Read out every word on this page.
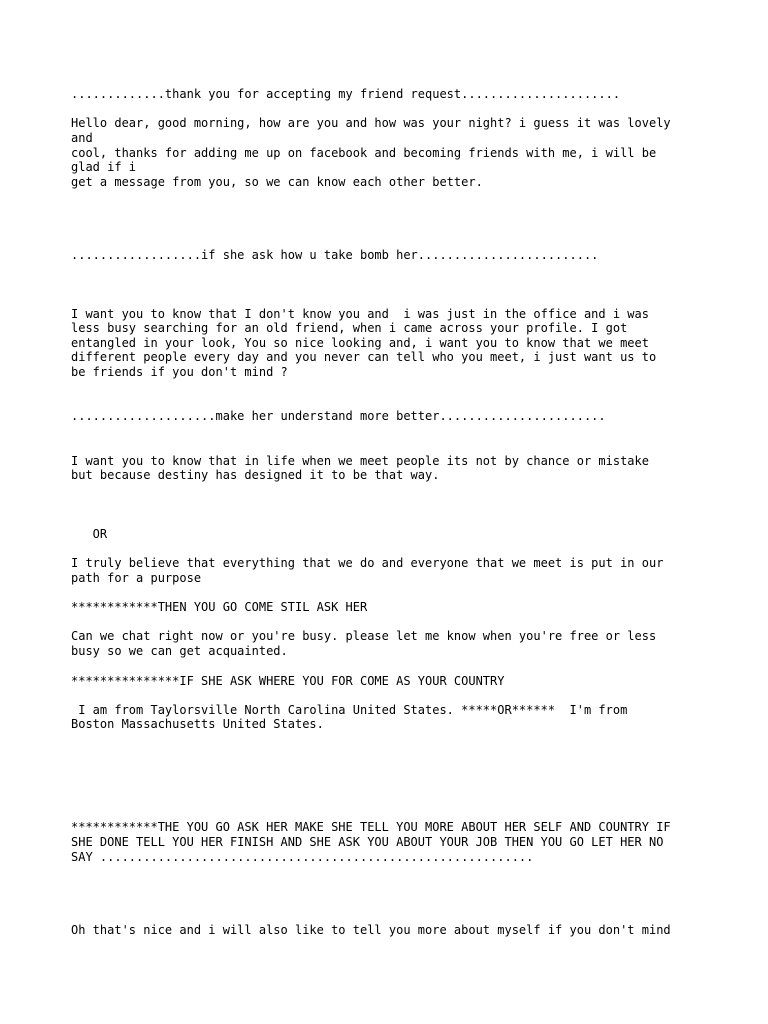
.............thank you for accepting my friend request......................

Hello dear, good morning, how are you and how was your night? i guess it was lovely

and

cool, thanks for adding me up on facebook and becoming friends with me, i will be

glad if i

get a message from you, so we can know each other better.

..................if she ask how u take bomb her.........................

I want you to know that I don't know you and  i was just in the office and i was

less busy searching for an old friend, when i came across your profile. I got

entangled in your look, You so nice looking and, i want you to know that we meet

different people every day and you never can tell who you meet, i just want us to

be friends if you don't mind ?

....................make her understand more better.......................

I want you to know that in life when we meet people its not by chance or mistake

but because destiny has designed it to be that way.

OR

I truly believe that everything that we do and everyone that we meet is put in our

path for a purpose

************THEN YOU GO COME STIL ASK HER

Can we chat right now or you're busy. please let me know when you're free or less

busy so we can get acquainted.

***************IF SHE ASK WHERE YOU FOR COME AS YOUR COUNTRY

I am from Taylorsville North Carolina United States. *****OR******  I'm from

Boston Massachusetts United States.

************THE YOU GO ASK HER MAKE SHE TELL YOU MORE ABOUT HER SELF AND COUNTRY IF

SHE DONE TELL YOU HER FINISH AND SHE ASK YOU ABOUT YOUR JOB THEN YOU GO LET HER NO

SAY ............................................................

Oh that's nice and i will also like to tell you more about myself if you don't mind
